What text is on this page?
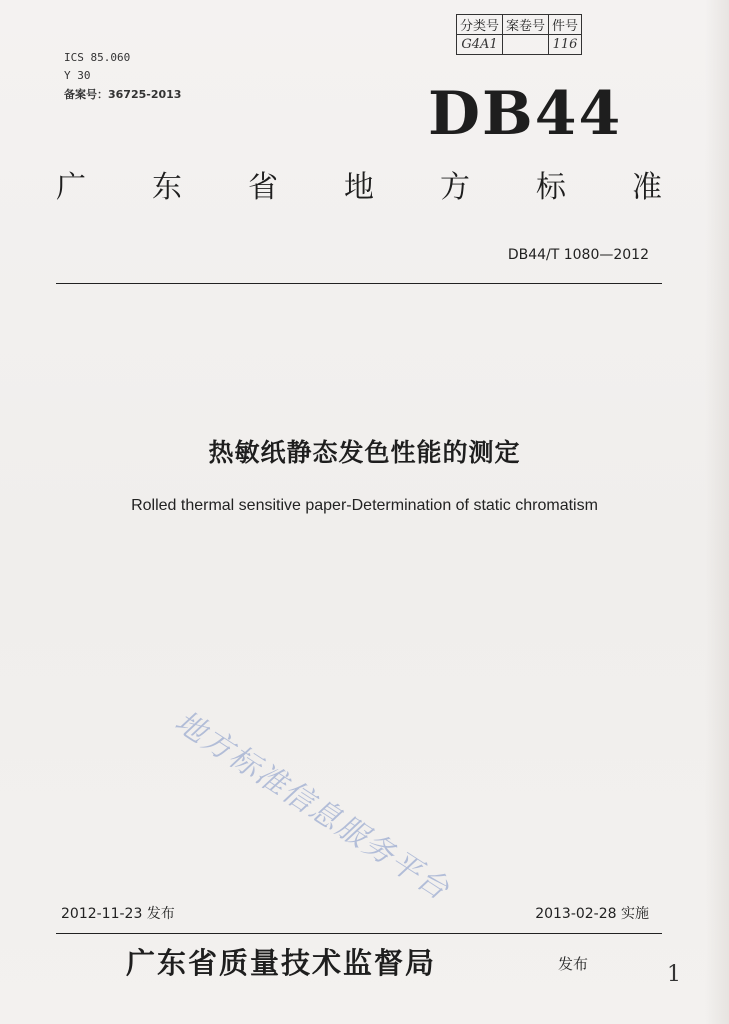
分类号	案卷号	件号
G4A1		116
ICS 85.060
Y 30
备案号：36725-2013	DB44
广 东 省 地 方 标 准
DB44/T 1080—2012
热敏纸静态发色性能的测定
Rolled thermal sensitive paper-Determination of static chromatism
地方标准信息服务平台
2012-11-23 发布	2013-02-28 实施
广东省质量技术监督局	发布	1
